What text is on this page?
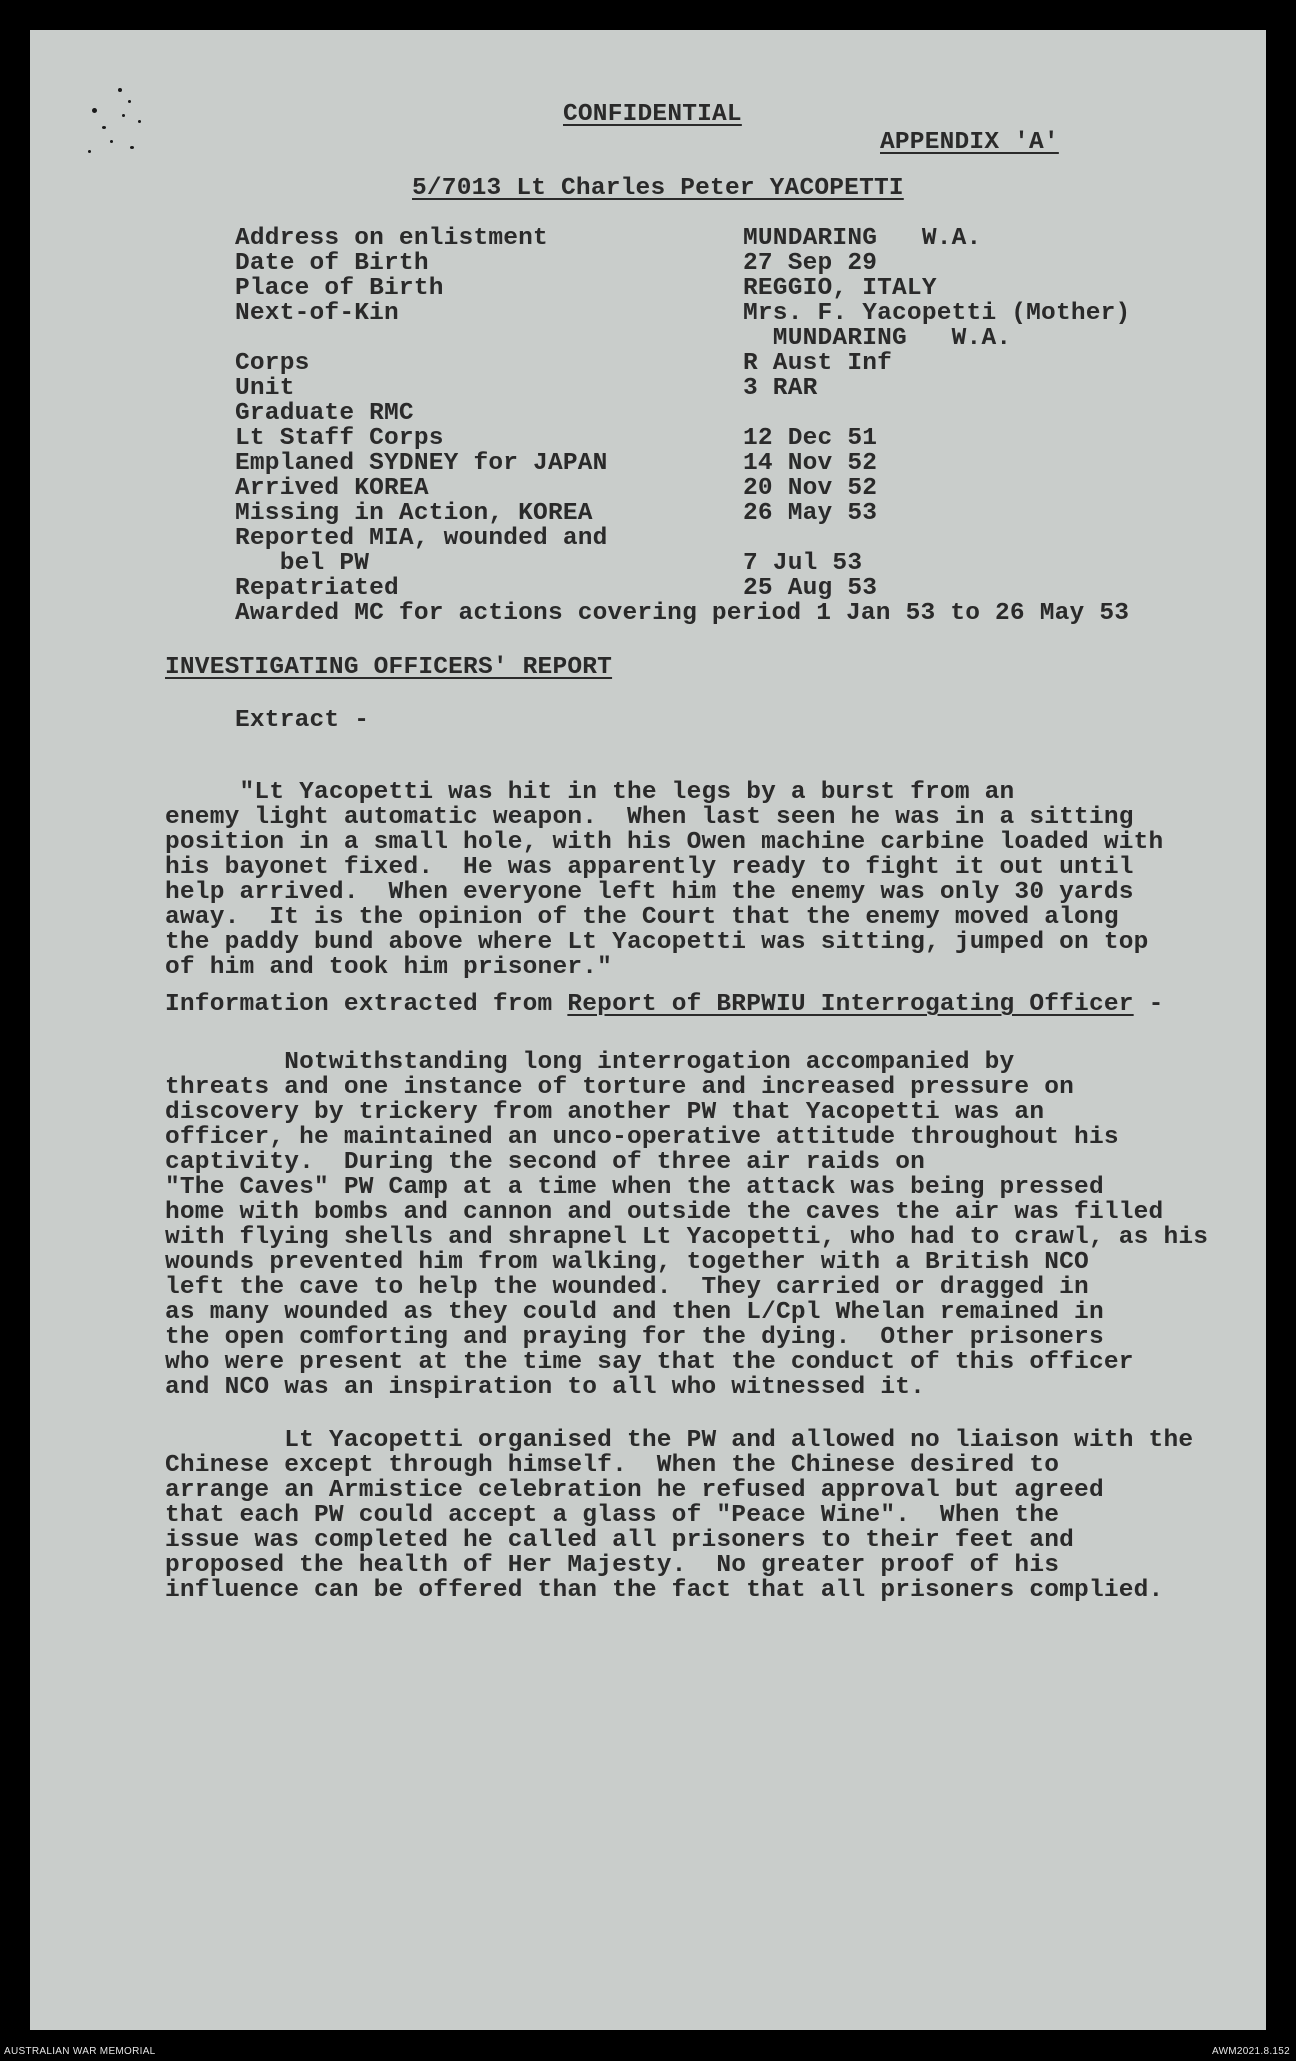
CONFIDENTIAL
APPENDIX 'A'
5/7013 Lt Charles Peter YACOPETTI
Address on enlistment	MUNDARING   W.A.
Date of Birth	27 Sep 29
Place of Birth	REGGIO, ITALY
Next-of-Kin	Mrs. F. Yacopetti (Mother)
MUNDARING   W.A.
Corps	R Aust Inf
Unit	3 RAR
Graduate RMC
Lt Staff Corps	12 Dec 51
Emplaned SYDNEY for JAPAN	14 Nov 52
Arrived KOREA	20 Nov 52
Missing in Action, KOREA	26 May 53
Reported MIA, wounded and
bel PW	7 Jul 53
Repatriated	25 Aug 53
Awarded MC for actions covering period 1 Jan 53 to 26 May 53
INVESTIGATING OFFICERS' REPORT
Extract -
"Lt Yacopetti was hit in the legs by a burst from an
enemy light automatic weapon.  When last seen he was in a sitting
position in a small hole, with his Owen machine carbine loaded with
his bayonet fixed.  He was apparently ready to fight it out until
help arrived.  When everyone left him the enemy was only 30 yards
away.  It is the opinion of the Court that the enemy moved along
the paddy bund above where Lt Yacopetti was sitting, jumped on top
of him and took him prisoner."
Information extracted from Report of BRPWIU Interrogating Officer -
Notwithstanding long interrogation accompanied by
threats and one instance of torture and increased pressure on
discovery by trickery from another PW that Yacopetti was an
officer, he maintained an unco-operative attitude throughout his
captivity.  During the second of three air raids on
"The Caves" PW Camp at a time when the attack was being pressed
home with bombs and cannon and outside the caves the air was filled
with flying shells and shrapnel Lt Yacopetti, who had to crawl, as his
wounds prevented him from walking, together with a British NCO
left the cave to help the wounded.  They carried or dragged in
as many wounded as they could and then L/Cpl Whelan remained in
the open comforting and praying for the dying.  Other prisoners
who were present at the time say that the conduct of this officer
and NCO was an inspiration to all who witnessed it.
Lt Yacopetti organised the PW and allowed no liaison with the
Chinese except through himself.  When the Chinese desired to
arrange an Armistice celebration he refused approval but agreed
that each PW could accept a glass of "Peace Wine".  When the
issue was completed he called all prisoners to their feet and
proposed the health of Her Majesty.  No greater proof of his
influence can be offered than the fact that all prisoners complied.
AUSTRALIAN WAR MEMORIAL	AWM2021.8.152
